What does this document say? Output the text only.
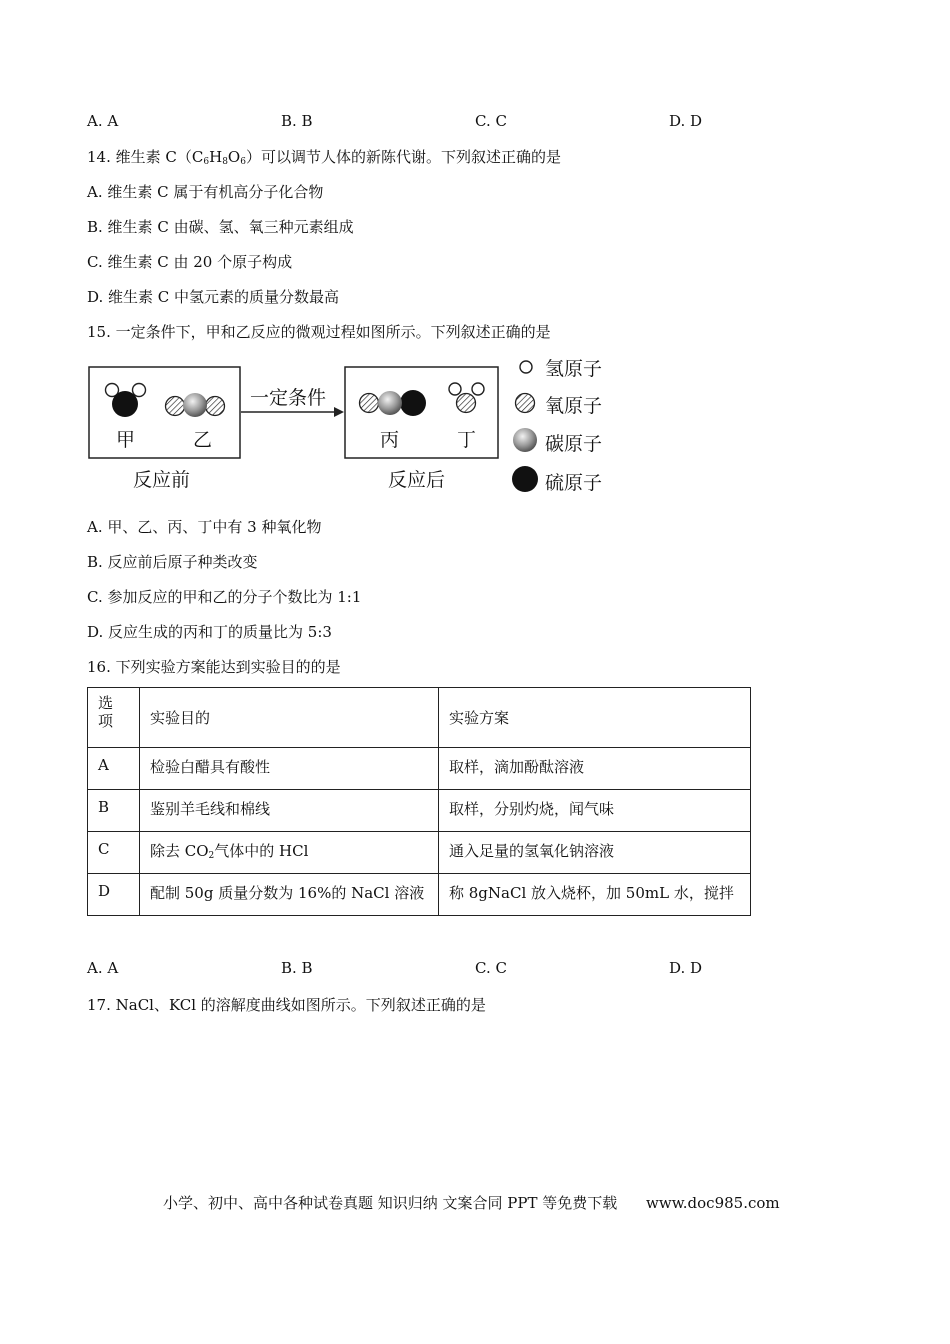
A. A	B. B	C. C	D. D
14. 维生素 $C(C_6H_8O_6)$可以调节人体的新陈代谢。下列叙述正确的是
A. 维生素 C 属于有机高分子化合物
B. 维生素 C 由碳、氢、氧三种元素组成
C. 维生素 C 由 20 个原子构成
D. 维生素 C 中氢元素的质量分数最高
15. 一定条件下，甲和乙反应的微观过程如图所示。下列叙述正确的是
甲	乙	丙	丁
一定条件
反应前	反应后
氢原子
氧原子
碳原子
硫原子
A. 甲、乙、丙、丁中有 3 种氧化物
B. 反应前后原子种类改变
C. 参加反应的甲和乙的分子个数比为 1:1
D. 反应生成的丙和丁的质量比为 5:3
16. 下列实验方案能达到实验目的的是
选
项	实验目的	实验方案
A	检验白醋具有酸性	取样，滴加酚酞溶液
B	鉴别羊毛线和棉线	取样，分别灼烧，闻气味
C	除去 $CO_2$气体中的 HCl	通入足量的氢氧化钠溶液
D	配制 50g 质量分数为 16%的 NaCl 溶液	称 8gNaCl 放入烧杯，加 50mL 水，搅拌
A. A	B. B	C. C	D. D
17. NaCl、KCl 的溶解度曲线如图所示。下列叙述正确的是
小学、初中、高中各种试卷真题 知识归纳 文案合同 PPT 等免费下载 www.doc985.com
